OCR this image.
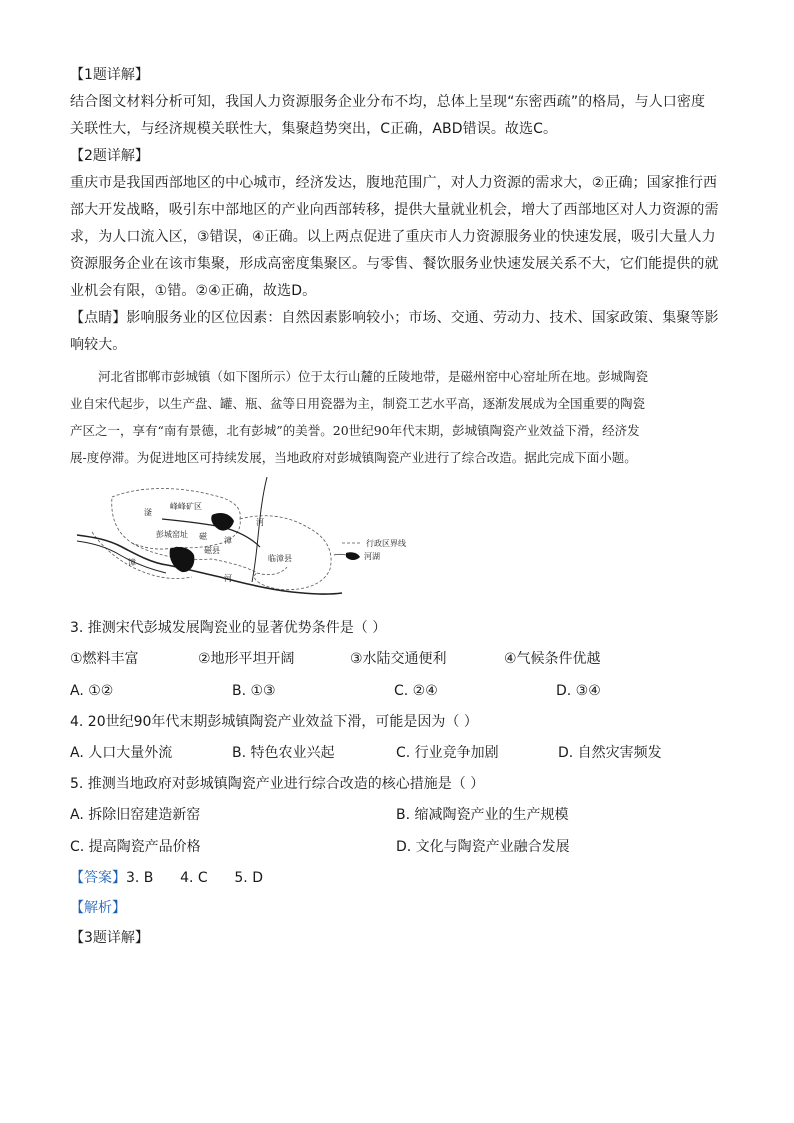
【1题详解】
结合图文材料分析可知，我国人力资源服务企业分布不均，总体上呈现“东密西疏”的格局，与人口密度
关联性大，与经济规模关联性大，集聚趋势突出，C正确，ABD错误。故选C。
【2题详解】
重庆市是我国西部地区的中心城市，经济发达，腹地范围广，对人力资源的需求大，②正确；国家推行西
部大开发战略，吸引东中部地区的产业向西部转移，提供大量就业机会，增大了西部地区对人力资源的需
求，为人口流入区，③错误，④正确。以上两点促进了重庆市人力资源服务业的快速发展，吸引大量人力
资源服务企业在该市集聚，形成高密度集聚区。与零售、餐饮服务业快速发展关系不大，它们能提供的就
业机会有限，①错。②④正确，故选D。
【点睛】影响服务业的区位因素：自然因素影响较小；市场、交通、劳动力、技术、国家政策、集聚等影
响较大。
河北省邯郸市彭城镇（如下图所示）位于太行山麓的丘陵地带，是磁州窑中心窑址所在地。彭城陶瓷
业自宋代起步，以生产盘、罐、瓶、盆等日用瓷器为主，制瓷工艺水平高，逐渐发展成为全国重要的陶瓷
产区之一，享有“南有景德，北有彭城”的美誉。20世纪90年代末期，彭城镇陶瓷产业效益下滑，经济发
展-度停滞。为促进地区可持续发展，当地政府对彭城镇陶瓷产业进行了综合改造。据此完成下面小题。
峰峰矿区
滏
彭城窑址 磁
磁县
漳
漳
河
河
临漳县
行政区界线
河湖
3. 推测宋代彭城发展陶瓷业的显著优势条件是（ ）
①燃料丰富	②地形平坦开阔	③水陆交通便利	④气候条件优越
A. ①②	B. ①③	C. ②④	D. ③④
4. 20世纪90年代末期彭城镇陶瓷产业效益下滑，可能是因为（ ）
A. 人口大量外流	B. 特色农业兴起	C. 行业竞争加剧	D. 自然灾害频发
5. 推测当地政府对彭城镇陶瓷产业进行综合改造的核心措施是（ ）
A. 拆除旧窑建造新窑	B. 缩减陶瓷产业的生产规模
C. 提高陶瓷产品价格	D. 文化与陶瓷产业融合发展
【答案】3. B      4. C      5. D
【解析】
【3题详解】
